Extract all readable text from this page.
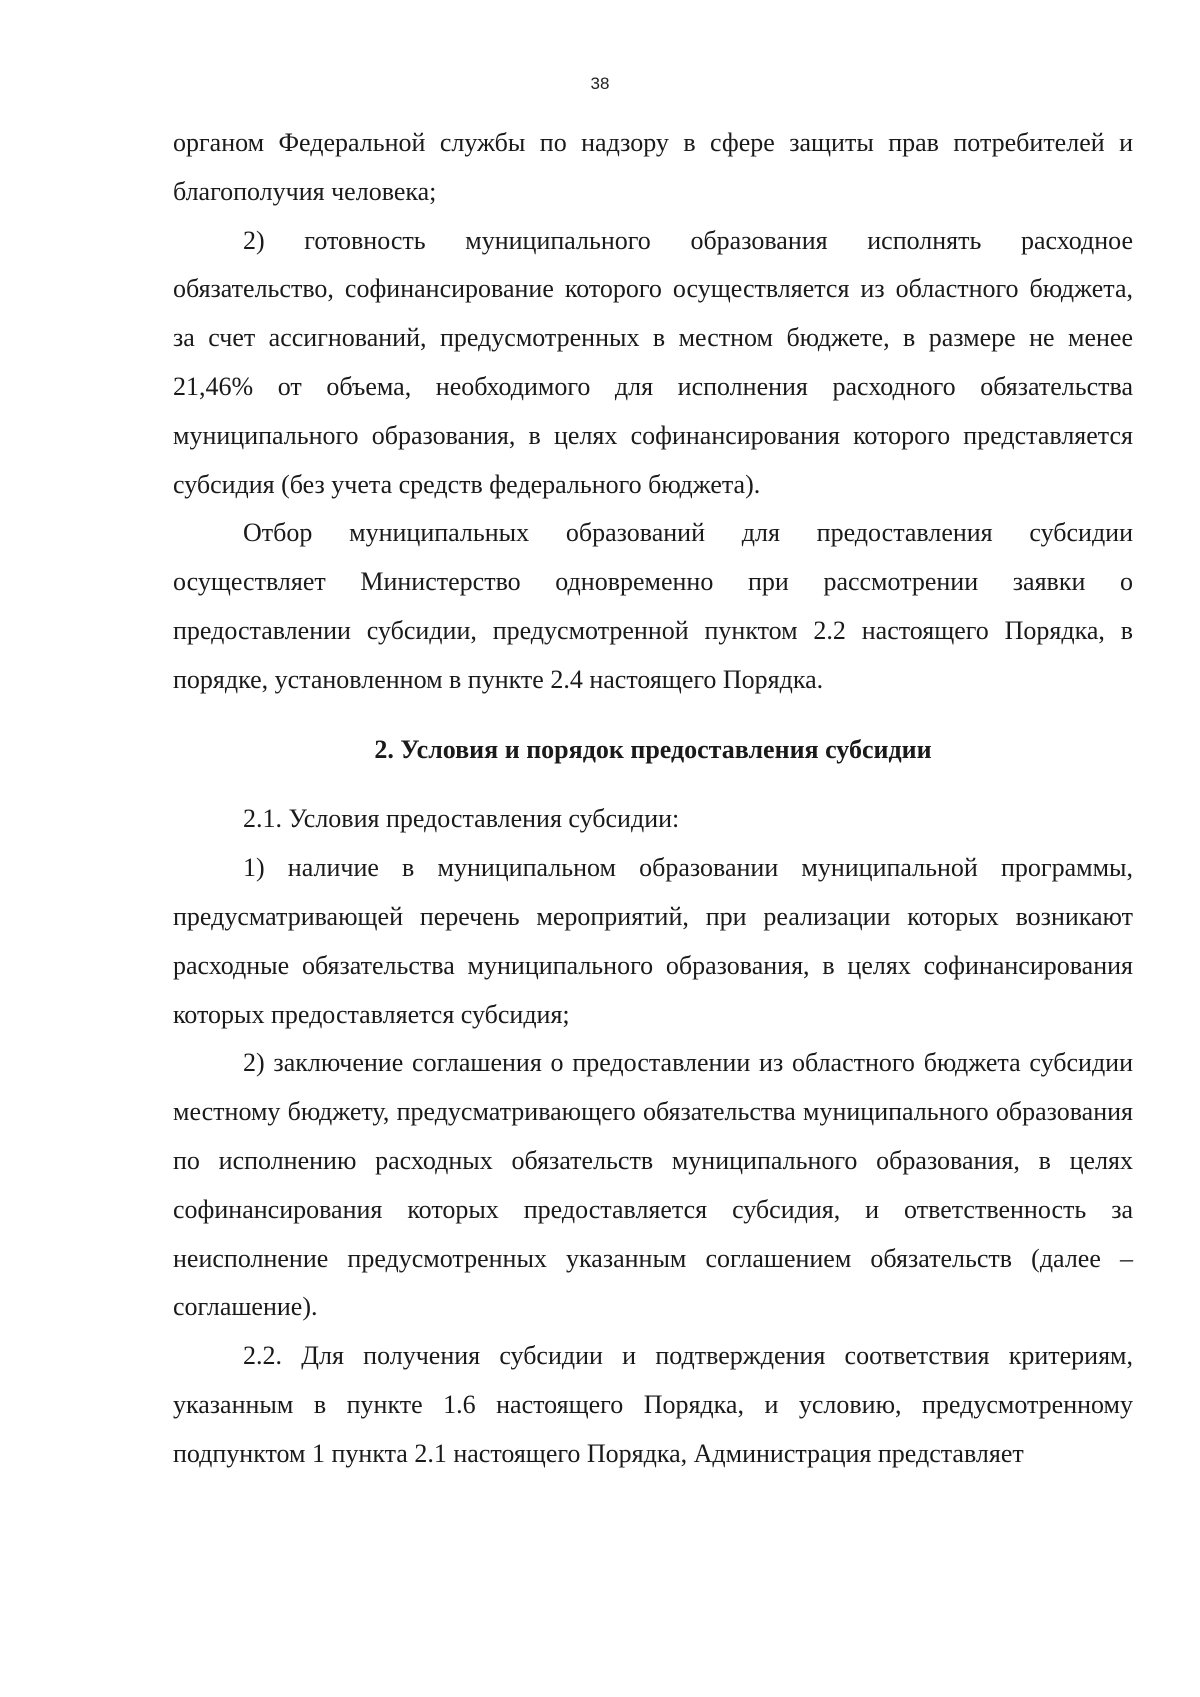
38

органом Федеральной службы по надзору в сфере защиты прав потребителей и благополучия человека;

2) готовность муниципального образования исполнять расходное обязательство, софинансирование которого осуществляется из областного бюджета, за счет ассигнований, предусмотренных в местном бюджете, в размере не менее 21,46% от объема, необходимого для исполнения расходного обязательства муниципального образования, в целях софинансирования которого представляется субсидия (без учета средств федерального бюджета).

Отбор муниципальных образований для предоставления субсидии осуществляет Министерство одновременно при рассмотрении заявки о предоставлении субсидии, предусмотренной пунктом 2.2 настоящего Порядка, в порядке, установленном в пункте 2.4 настоящего Порядка.

2. Условия и порядок предоставления субсидии

2.1. Условия предоставления субсидии:

1) наличие в муниципальном образовании муниципальной программы, предусматривающей перечень мероприятий, при реализации которых возникают расходные обязательства муниципального образования, в целях софинансирования которых предоставляется субсидия;

2) заключение соглашения о предоставлении из областного бюджета субсидии местному бюджету, предусматривающего обязательства муниципального образования по исполнению расходных обязательств муниципального образования, в целях софинансирования которых предоставляется субсидия, и ответственность за неисполнение предусмотренных указанным соглашением обязательств (далее – соглашение).

2.2. Для получения субсидии и подтверждения соответствия критериям, указанным в пункте 1.6 настоящего Порядка, и условию, предусмотренному подпунктом 1 пункта 2.1 настоящего Порядка, Администрация представляет
